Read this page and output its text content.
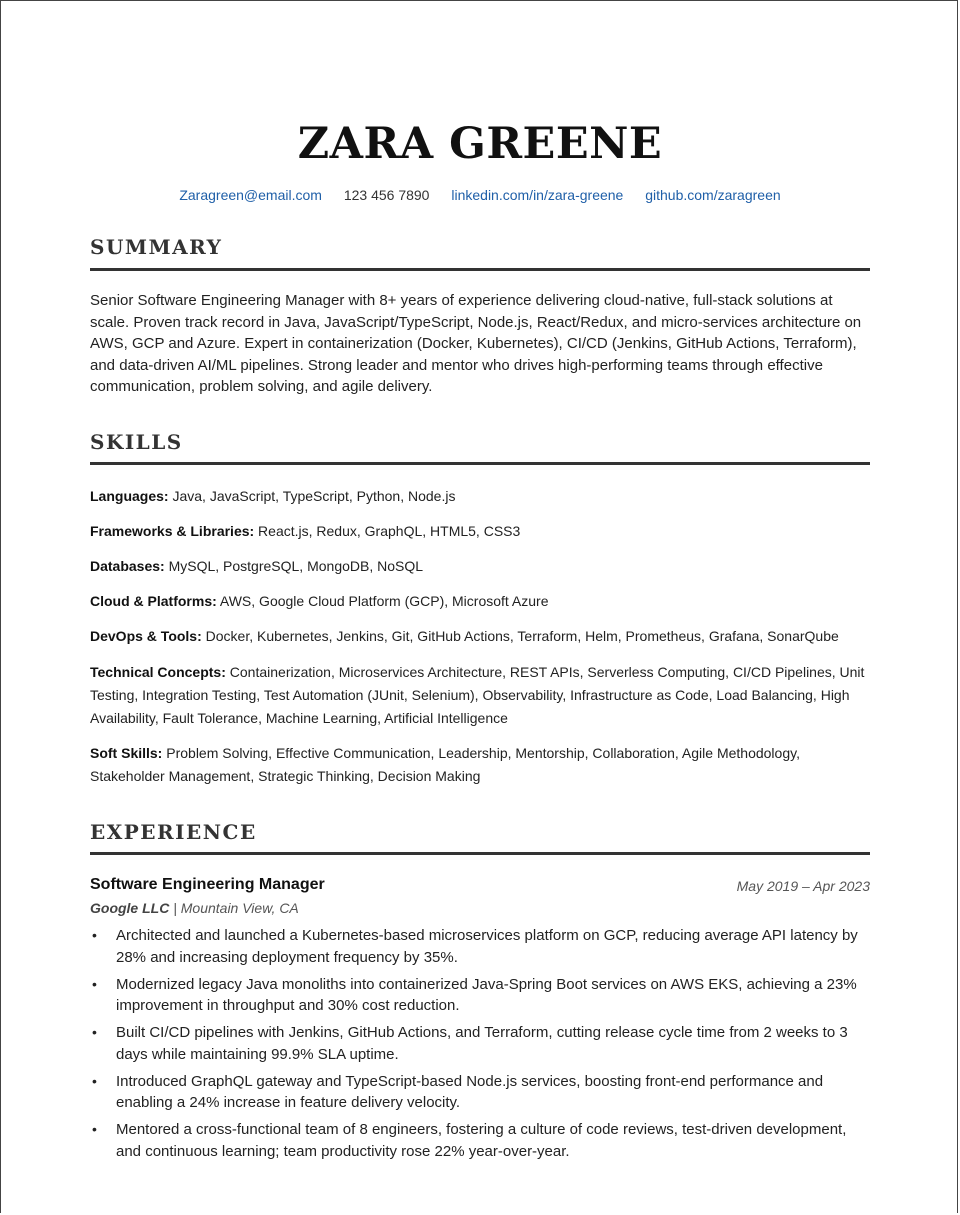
ZARA GREENE
Zaragreen@email.com 123 456 7890 linkedin.com/in/zara-greene github.com/zaragreen
SUMMARY
Senior Software Engineering Manager with 8+ years of experience delivering cloud-native, full-stack solutions at scale. Proven track record in Java, JavaScript/TypeScript, Node.js, React/Redux, and micro-services architecture on AWS, GCP and Azure. Expert in containerization (Docker, Kubernetes), CI/CD (Jenkins, GitHub Actions, Terraform), and data-driven AI/ML pipelines. Strong leader and mentor who drives high-performing teams through effective communication, problem solving, and agile delivery.
SKILLS
Languages: Java, JavaScript, TypeScript, Python, Node.js
Frameworks & Libraries: React.js, Redux, GraphQL, HTML5, CSS3
Databases: MySQL, PostgreSQL, MongoDB, NoSQL
Cloud & Platforms: AWS, Google Cloud Platform (GCP), Microsoft Azure
DevOps & Tools: Docker, Kubernetes, Jenkins, Git, GitHub Actions, Terraform, Helm, Prometheus, Grafana, SonarQube
Technical Concepts: Containerization, Microservices Architecture, REST APIs, Serverless Computing, CI/CD Pipelines, Unit Testing, Integration Testing, Test Automation (JUnit, Selenium), Observability, Infrastructure as Code, Load Balancing, High Availability, Fault Tolerance, Machine Learning, Artificial Intelligence
Soft Skills: Problem Solving, Effective Communication, Leadership, Mentorship, Collaboration, Agile Methodology, Stakeholder Management, Strategic Thinking, Decision Making
EXPERIENCE
Software Engineering Manager	May 2019 – Apr 2023
Google LLC | Mountain View, CA
• Architected and launched a Kubernetes-based microservices platform on GCP, reducing average API latency by 28% and increasing deployment frequency by 35%.
• Modernized legacy Java monoliths into containerized Java-Spring Boot services on AWS EKS, achieving a 23% improvement in throughput and 30% cost reduction.
• Built CI/CD pipelines with Jenkins, GitHub Actions, and Terraform, cutting release cycle time from 2 weeks to 3 days while maintaining 99.9% SLA uptime.
• Introduced GraphQL gateway and TypeScript-based Node.js services, boosting front-end performance and enabling a 24% increase in feature delivery velocity.
• Mentored a cross-functional team of 8 engineers, fostering a culture of code reviews, test-driven development, and continuous learning; team productivity rose 22% year-over-year.
